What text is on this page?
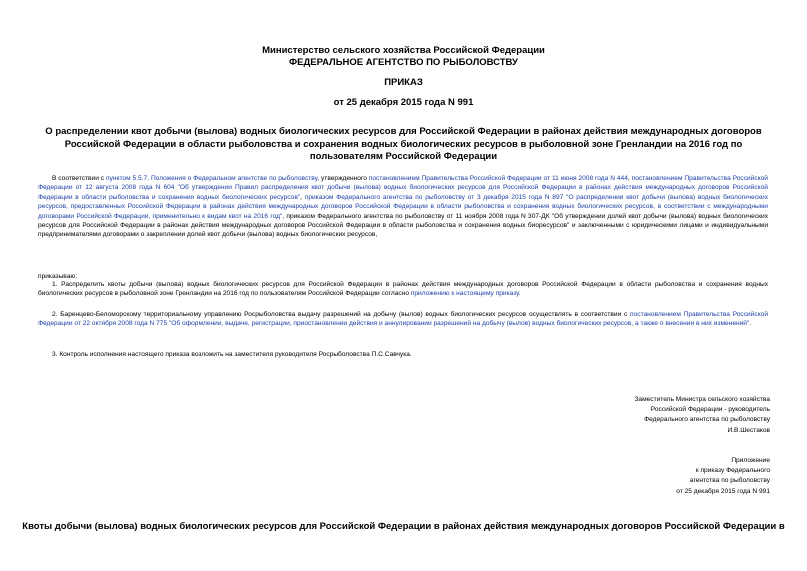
Министерство сельского хозяйства Российской Федерации
ФЕДЕРАЛЬНОЕ АГЕНТСТВО ПО РЫБОЛОВСТВУ
ПРИКАЗ
от 25 декабря 2015 года N 991
О распределении квот добычи (вылова) водных биологических ресурсов для Российской Федерации в районах действия международных договоров Российской Федерации в области рыболовства и сохранения водных биологических ресурсов в рыболовной зоне Гренландии на 2016 год по пользователям Российской Федерации
В соответствии с пунктом 5.5.7. Положения о Федеральном агентстве по рыболовству, утвержденного постановлением Правительства Российской Федерации от 11 июня 2008 года N 444, постановлением Правительства Российской Федерации от 12 августа 2008 года N 604 "Об утверждении Правил распределения квот добычи (вылова) водных биологических ресурсов для Российской Федерации в районах действия международных договоров Российской Федерации в области рыболовства и сохранения водных биологических ресурсов", приказом Федерального агентства по рыболовству от 3 декабря 2015 года N 897 "О распределении квот добычи (вылова) водных биологических ресурсов, предоставленных Российской Федерации в районах действия международных договоров Российской Федерации в области рыболовства и сохранения водных биологических ресурсов, в соответствии с международными договорами Российской Федерации, применительно к видам квот на 2016 год", приказом Федерального агентства по рыболовству от 11 ноября 2008 года N 307-ДК "Об утверждении долей квот добычи (вылова) водных биологических ресурсов для Российской Федерации в районах действия международных договоров Российской Федерации в области рыболовства и сохранения водных биоресурсов" и заключенными с юридическими лицами и индивидуальными предпринимателями договорами о закреплении долей квот добычи (вылова) водных биологических ресурсов,
приказываю:
1. Распределить квоты добычи (вылова) водных биологических ресурсов для Российской Федерации в районах действия международных договоров Российской Федерации в области рыболовства и сохранения водных биологических ресурсов в рыболовной зоне Гренландии на 2016 год по пользователям Российской Федерации согласно приложению к настоящему приказу.
2. Баренцево-Беломорскому территориальному управлению Росрыболовства выдачу разрешений на добычу (вылов) водных биологических ресурсов осуществлять в соответствии с постановлением Правительства Российской Федерации от 22 октября 2008 года N 775 "Об оформлении, выдаче, регистрации, приостановлении действия и аннулировании разрешений на добычу (вылов) водных биологических ресурсов, а также о внесении в них изменений".
3. Контроль исполнения настоящего приказа возложить на заместителя руководителя Росрыболовства П.С.Савчука.
Заместитель Министра сельского хозяйства
Российской Федерации - руководитель
Федерального агентства по рыболовству
И.В.Шестаков
Приложение
к приказу Федерального
агентства по рыболовству
от 25 декабря 2015 года N 991
Квоты добычи (вылова) водных биологических ресурсов для Российской Федерации в районах действия международных договоров Российской Федерации в
